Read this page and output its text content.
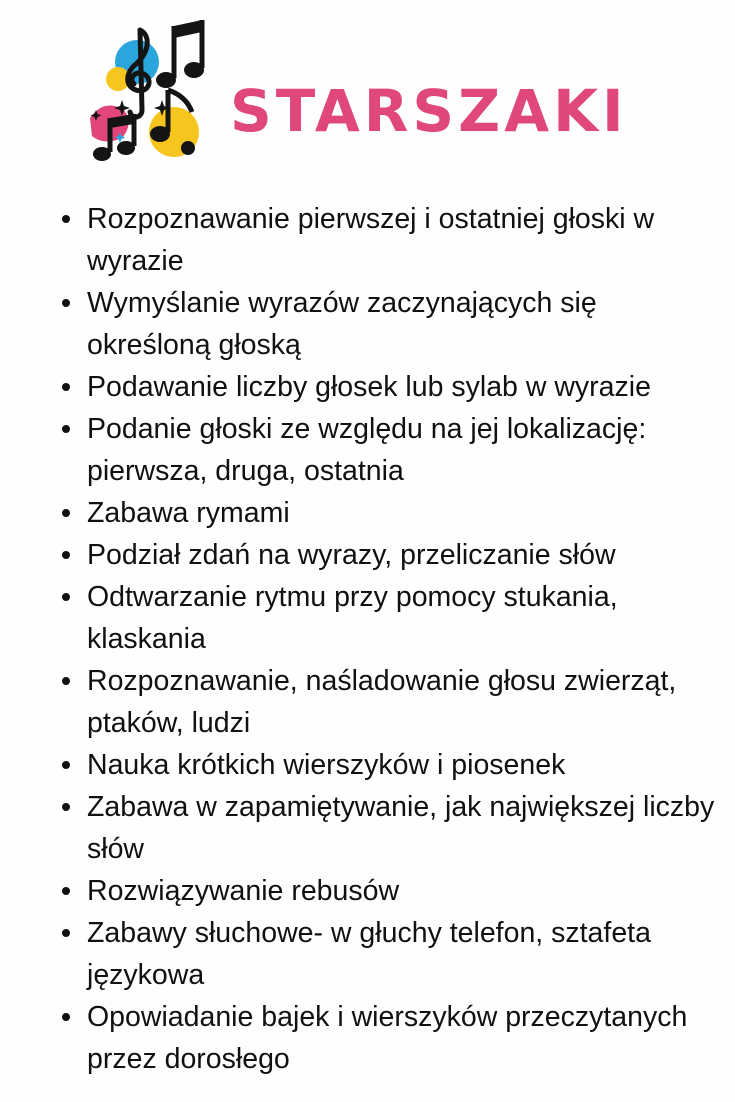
STARSZAKI
Rozpoznawanie pierwszej i ostatniej głoski w wyrazie
Wymyślanie wyrazów zaczynających się określoną głoską
Podawanie liczby głosek lub sylab w wyrazie
Podanie głoski ze względu na jej lokalizację: pierwsza, druga, ostatnia
Zabawa rymami
Podział zdań na wyrazy, przeliczanie słów
Odtwarzanie rytmu przy pomocy stukania, klaskania
Rozpoznawanie, naśladowanie głosu zwierząt, ptaków, ludzi
Nauka krótkich wierszyków i piosenek
Zabawa w zapamiętywanie, jak największej liczby słów
Rozwiązywanie rebusów
Zabawy słuchowe- w głuchy telefon, sztafeta językowa
Opowiadanie bajek i wierszyków przeczytanych przez dorosłego
